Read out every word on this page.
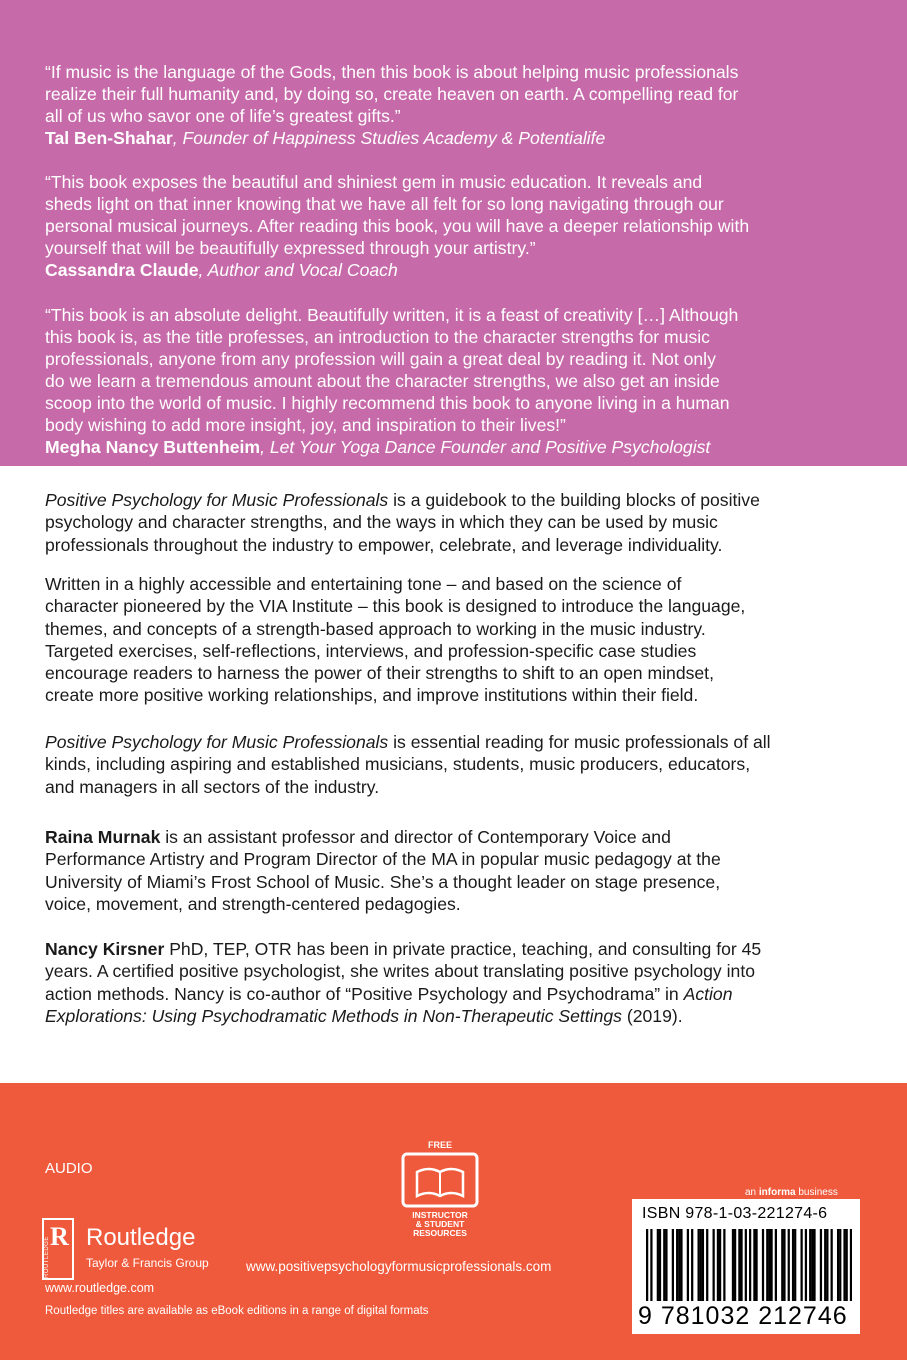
“If music is the language of the Gods, then this book is about helping music professionals
realize their full humanity and, by doing so, create heaven on earth. A compelling read for
all of us who savor one of life’s greatest gifts.”
Tal Ben-Shahar, Founder of Happiness Studies Academy & Potentialife
“This book exposes the beautiful and shiniest gem in music education. It reveals and
sheds light on that inner knowing that we have all felt for so long navigating through our
personal musical journeys. After reading this book, you will have a deeper relationship with
yourself that will be beautifully expressed through your artistry.”
Cassandra Claude, Author and Vocal Coach
“This book is an absolute delight. Beautifully written, it is a feast of creativity […] Although
this book is, as the title professes, an introduction to the character strengths for music
professionals, anyone from any profession will gain a great deal by reading it. Not only
do we learn a tremendous amount about the character strengths, we also get an inside
scoop into the world of music. I highly recommend this book to anyone living in a human
body wishing to add more insight, joy, and inspiration to their lives!”
Megha Nancy Buttenheim, Let Your Yoga Dance Founder and Positive Psychologist
Positive Psychology for Music Professionals is a guidebook to the building blocks of positive
psychology and character strengths, and the ways in which they can be used by music
professionals throughout the industry to empower, celebrate, and leverage individuality.
Written in a highly accessible and entertaining tone – and based on the science of
character pioneered by the VIA Institute – this book is designed to introduce the language,
themes, and concepts of a strength-based approach to working in the music industry.
Targeted exercises, self-reflections, interviews, and profession-specific case studies
encourage readers to harness the power of their strengths to shift to an open mindset,
create more positive working relationships, and improve institutions within their field.
Positive Psychology for Music Professionals is essential reading for music professionals of all
kinds, including aspiring and established musicians, students, music producers, educators,
and managers in all sectors of the industry.
Raina Murnak is an assistant professor and director of Contemporary Voice and
Performance Artistry and Program Director of the MA in popular music pedagogy at the
University of Miami’s Frost School of Music. She’s a thought leader on stage presence,
voice, movement, and strength-centered pedagogies.
Nancy Kirsner PhD, TEP, OTR has been in private practice, teaching, and consulting for 45
years. A certified positive psychologist, she writes about translating positive psychology into
action methods. Nancy is co-author of “Positive Psychology and Psychodrama” in Action
Explorations: Using Psychodramatic Methods in Non-Therapeutic Settings (2019).
AUDIO
R
ROUTLEDGE	Routledge
Taylor & Francis Group
www.routledge.com
Routledge titles are available as eBook editions in a range of digital formats
FREE
INSTRUCTOR
& STUDENT
RESOURCES
www.positivepsychologyformusicprofessionals.com
an informa business
ISBN 978-1-03-221274-6
9 781032 212746
